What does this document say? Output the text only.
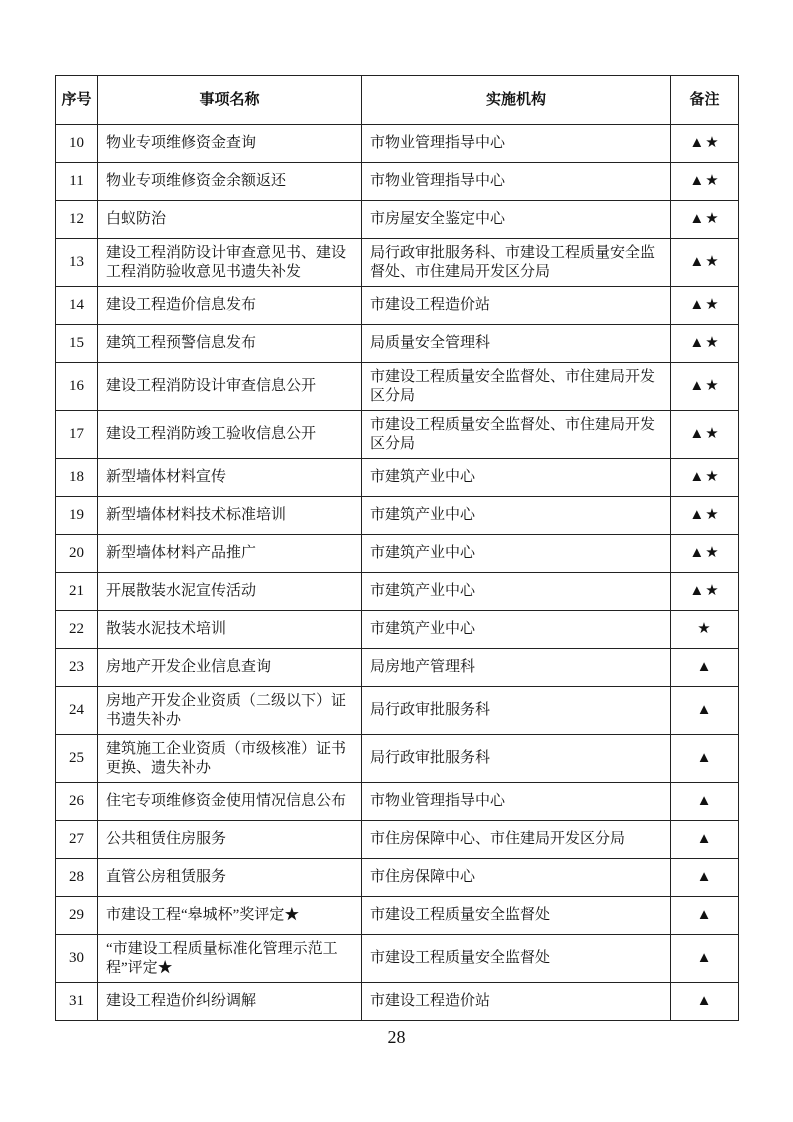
序号	事项名称	实施机构	备注
10	物业专项维修资金查询	市物业管理指导中心	▲★
11	物业专项维修资金余额返还	市物业管理指导中心	▲★
12	白蚁防治	市房屋安全鉴定中心	▲★
13	建设工程消防设计审查意见书、建设工程消防验收意见书遗失补发	局行政审批服务科、市建设工程质量安全监督处、市住建局开发区分局	▲★
14	建设工程造价信息发布	市建设工程造价站	▲★
15	建筑工程预警信息发布	局质量安全管理科	▲★
16	建设工程消防设计审查信息公开	市建设工程质量安全监督处、市住建局开发区分局	▲★
17	建设工程消防竣工验收信息公开	市建设工程质量安全监督处、市住建局开发区分局	▲★
18	新型墙体材料宣传	市建筑产业中心	▲★
19	新型墙体材料技术标准培训	市建筑产业中心	▲★
20	新型墙体材料产品推广	市建筑产业中心	▲★
21	开展散装水泥宣传活动	市建筑产业中心	▲★
22	散装水泥技术培训	市建筑产业中心	★
23	房地产开发企业信息查询	局房地产管理科	▲
24	房地产开发企业资质（二级以下）证书遗失补办	局行政审批服务科	▲
25	建筑施工企业资质（市级核准）证书更换、遗失补办	局行政审批服务科	▲
26	住宅专项维修资金使用情况信息公布	市物业管理指导中心	▲
27	公共租赁住房服务	市住房保障中心、市住建局开发区分局	▲
28	直管公房租赁服务	市住房保障中心	▲
29	市建设工程“皋城杯”奖评定★	市建设工程质量安全监督处	▲
30	“市建设工程质量标准化管理示范工程”评定★	市建设工程质量安全监督处	▲
31	建设工程造价纠纷调解	市建设工程造价站	▲
28
